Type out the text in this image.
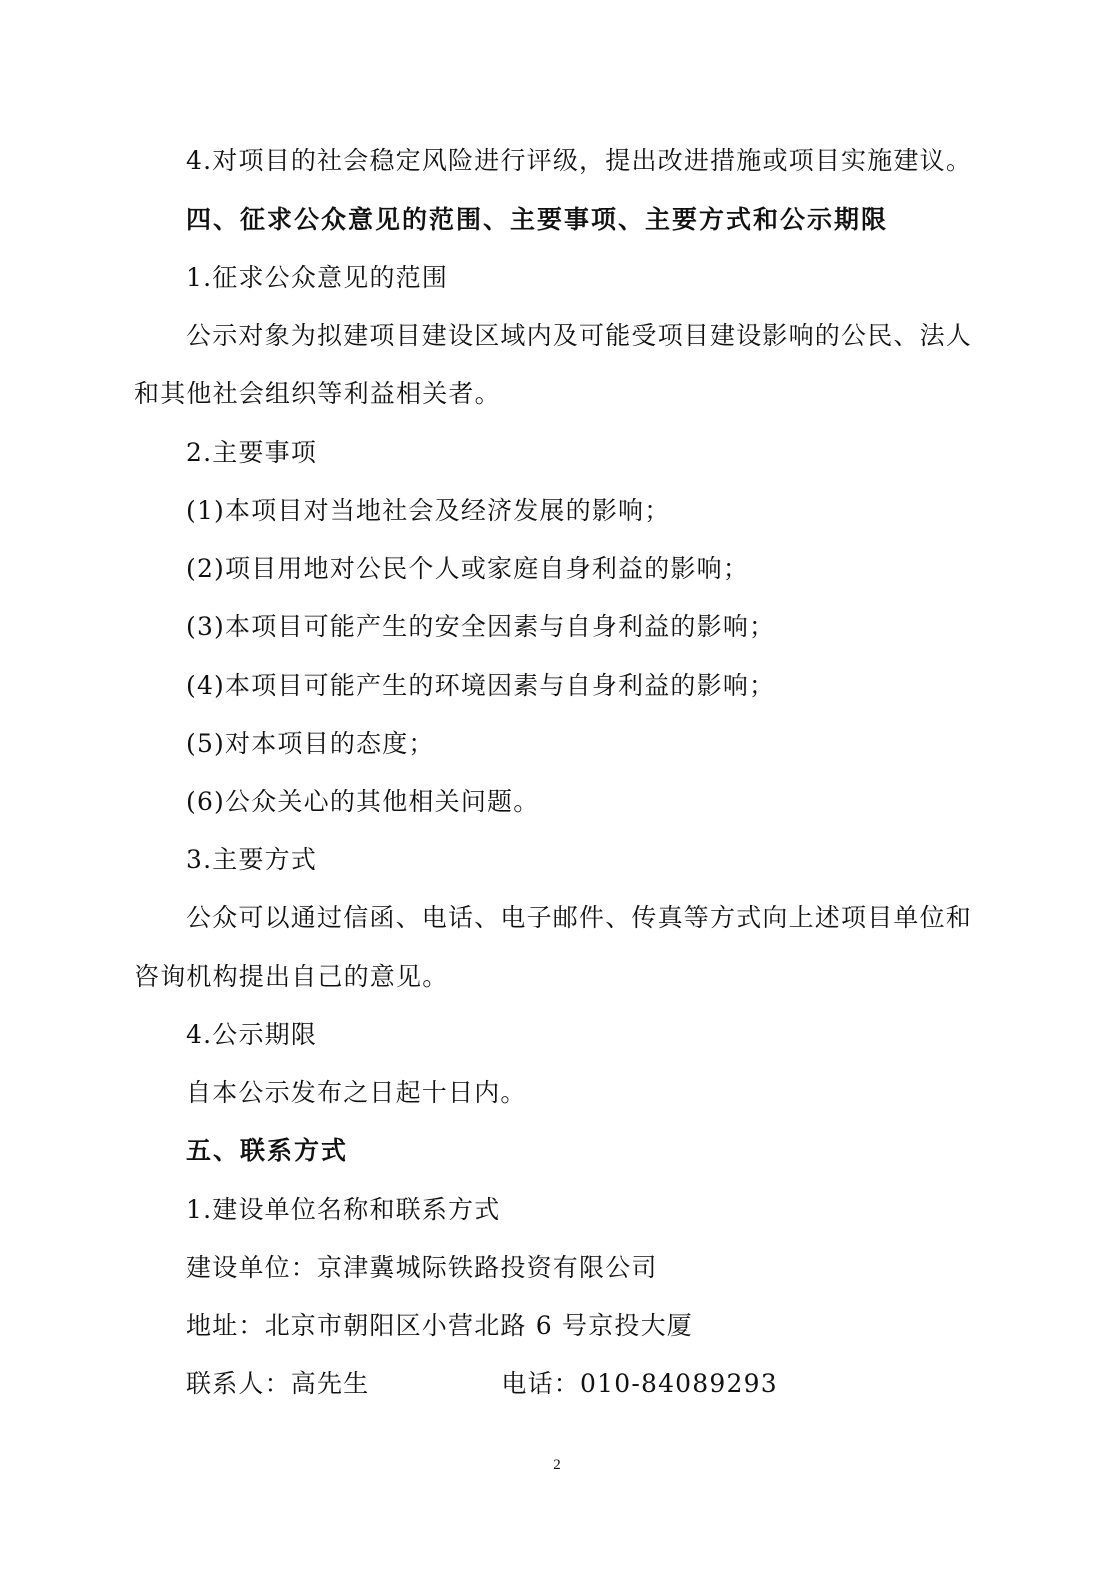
4.对项目的社会稳定风险进行评级，提出改进措施或项目实施建议。
四、征求公众意见的范围、主要事项、主要方式和公示期限
1.征求公众意见的范围
公示对象为拟建项目建设区域内及可能受项目建设影响的公民、法人
和其他社会组织等利益相关者。
2.主要事项
(1)本项目对当地社会及经济发展的影响；
(2)项目用地对公民个人或家庭自身利益的影响；
(3)本项目可能产生的安全因素与自身利益的影响；
(4)本项目可能产生的环境因素与自身利益的影响；
(5)对本项目的态度；
(6)公众关心的其他相关问题。
3.主要方式
公众可以通过信函、电话、电子邮件、传真等方式向上述项目单位和
咨询机构提出自己的意见。
4.公示期限
自本公示发布之日起十日内。
五、联系方式
1.建设单位名称和联系方式
建设单位：京津冀城际铁路投资有限公司
地址：北京市朝阳区小营北路 6 号京投大厦
联系人：高先生	电话：010-84089293
2
